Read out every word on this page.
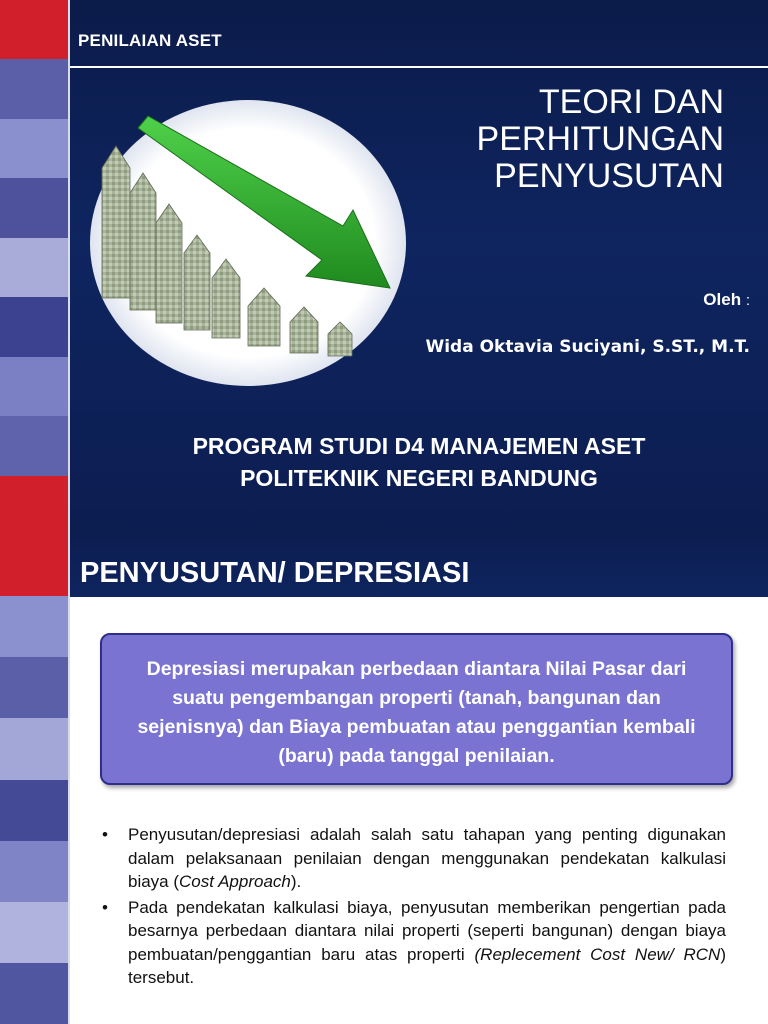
PENILAIAN ASET
TEORI DAN
PERHITUNGAN
PENYUSUTAN
Oleh :
Wida Oktavia Suciyani, S.ST., M.T.
PROGRAM STUDI D4 MANAJEMEN ASET
POLITEKNIK NEGERI BANDUNG
PENYUSUTAN/ DEPRESIASI
Depresiasi merupakan perbedaan diantara Nilai Pasar dari suatu pengembangan properti (tanah, bangunan dan sejenisnya) dan Biaya pembuatan atau penggantian kembali (baru) pada tanggal penilaian.
• Penyusutan/depresiasi adalah salah satu tahapan yang penting digunakan dalam pelaksanaan penilaian dengan menggunakan pendekatan kalkulasi biaya (Cost Approach).
• Pada pendekatan kalkulasi biaya, penyusutan memberikan pengertian pada besarnya perbedaan diantara nilai properti (seperti bangunan) dengan biaya pembuatan/penggantian baru atas properti (Replecement Cost New/ RCN) tersebut.
